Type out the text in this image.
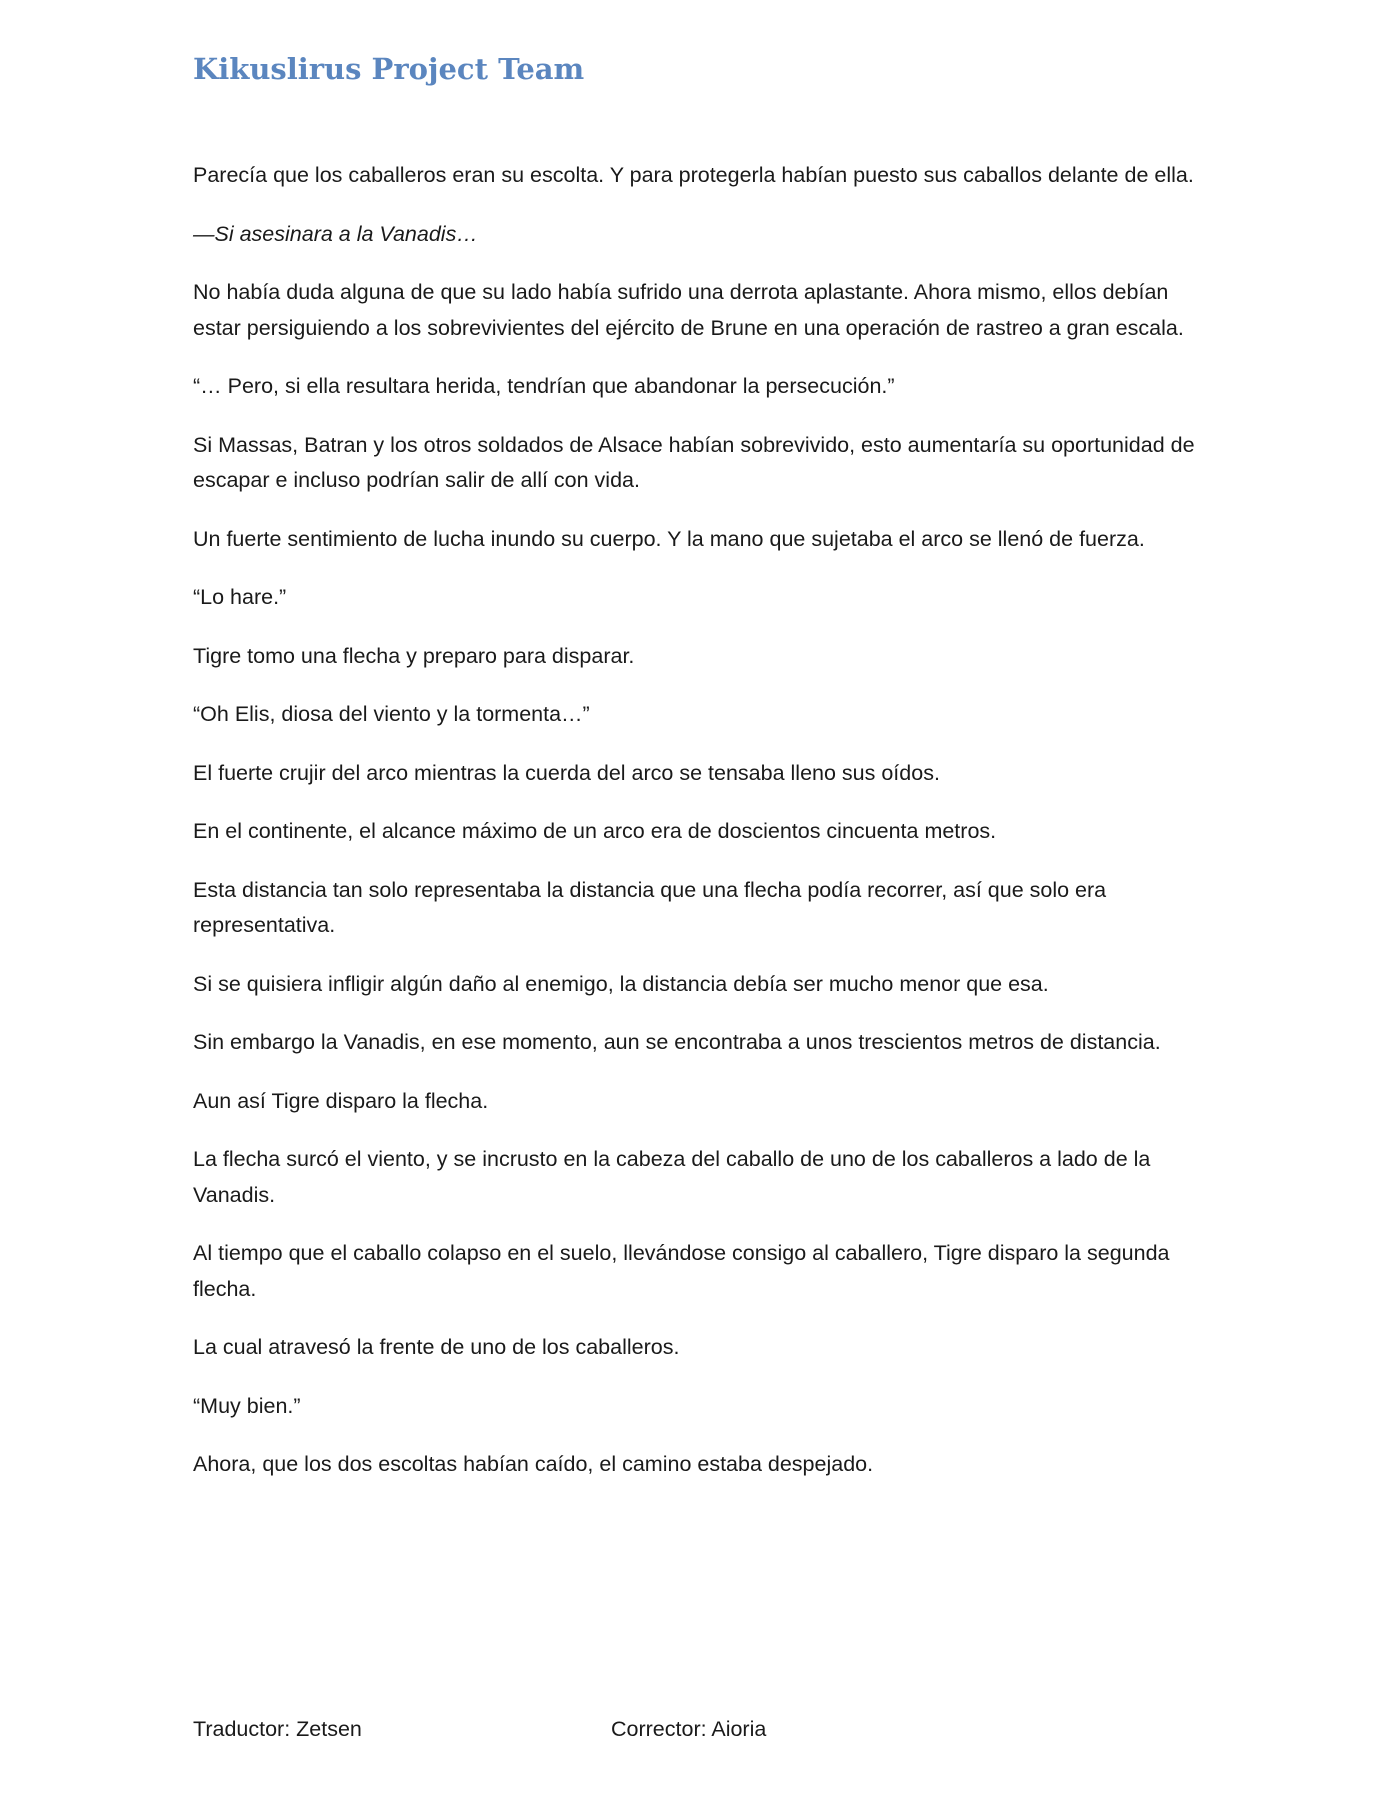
Kikuslirus Project Team

Parecía que los caballeros eran su escolta. Y para protegerla habían puesto sus caballos delante de ella.

—Si asesinara a la Vanadis…

No había duda alguna de que su lado había sufrido una derrota aplastante. Ahora mismo, ellos debían estar persiguiendo a los sobrevivientes del ejército de Brune en una operación de rastreo a gran escala.

“… Pero, si ella resultara herida, tendrían que abandonar la persecución.”

Si Massas, Batran y los otros soldados de Alsace habían sobrevivido, esto aumentaría su oportunidad de escapar e incluso podrían salir de allí con vida.

Un fuerte sentimiento de lucha inundo su cuerpo. Y la mano que sujetaba el arco se llenó de fuerza.

“Lo hare.”

Tigre tomo una flecha y preparo para disparar.

“Oh Elis, diosa del viento y la tormenta…”

El fuerte crujir del arco mientras la cuerda del arco se tensaba lleno sus oídos.

En el continente, el alcance máximo de un arco era de doscientos cincuenta metros.

Esta distancia tan solo representaba la distancia que una flecha podía recorrer, así que solo era representativa.

Si se quisiera infligir algún daño al enemigo, la distancia debía ser mucho menor que esa.

Sin embargo la Vanadis, en ese momento, aun se encontraba a unos trescientos metros de distancia.

Aun así Tigre disparo la flecha.

La flecha surcó el viento, y se incrusto en la cabeza del caballo de uno de los caballeros a lado de la Vanadis.

Al tiempo que el caballo colapso en el suelo, llevándose consigo al caballero, Tigre disparo la segunda flecha.

La cual atravesó la frente de uno de los caballeros.

“Muy bien.”

Ahora, que los dos escoltas habían caído, el camino estaba despejado.

Traductor: Zetsen	Corrector: Aioria
